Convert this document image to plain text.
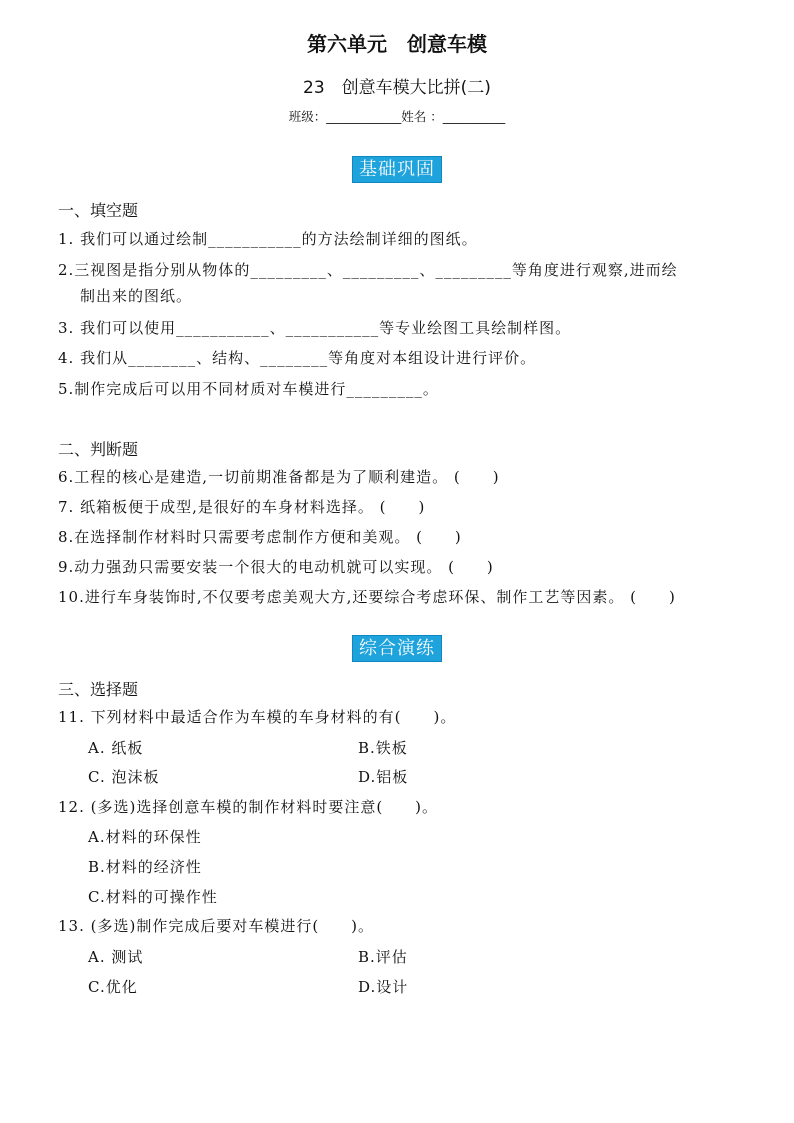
第六单元　创意车模
23　创意车模大比拼(二)
班级：____________姓名 ：__________
基础巩固
一、填空题
1. 我们可以通过绘制___________的方法绘制详细的图纸。
2.三视图是指分别从物体的_________、_________、_________等角度进行观察,进而绘
制出来的图纸。
3. 我们可以使用___________、___________等专业绘图工具绘制样图。
4. 我们从________、结构、________等角度对本组设计进行评价。
5.制作完成后可以用不同材质对车模进行_________。
二、判断题
6.工程的核心是建造,一切前期准备都是为了顺利建造。 (　　)
7. 纸箱板便于成型,是很好的车身材料选择。 (　　)
8.在选择制作材料时只需要考虑制作方便和美观。 (　　)
9.动力强劲只需要安装一个很大的电动机就可以实现。 (　　)
10.进行车身装饰时,不仅要考虑美观大方,还要综合考虑环保、制作工艺等因素。 (　　)
综合演练
三、选择题
11. 下列材料中最适合作为车模的车身材料的有(　　)。
A. 纸板	B.铁板
C. 泡沫板	D.铝板
12. (多选)选择创意车模的制作材料时要注意(　　)。
A.材料的环保性
B.材料的经济性
C.材料的可操作性
13. (多选)制作完成后要对车模进行(　　)。
A. 测试	B.评估
C.优化	D.设计
